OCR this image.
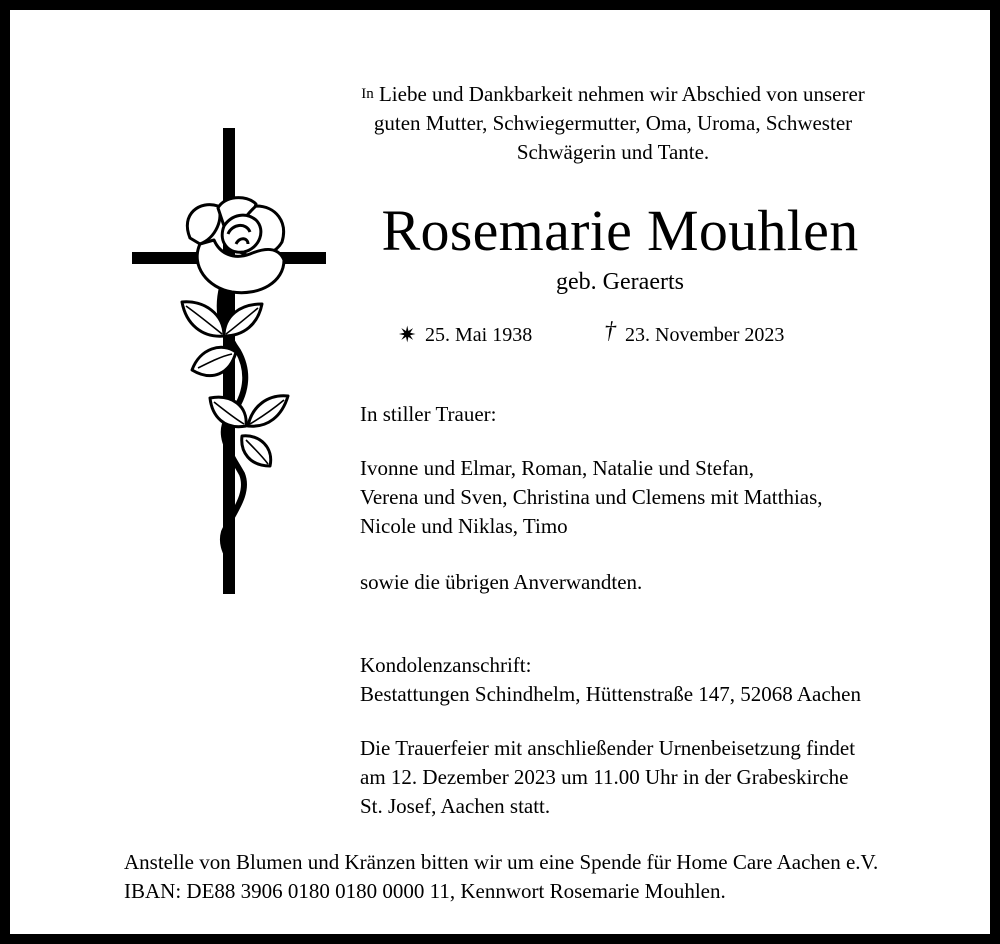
In Liebe und Dankbarkeit nehmen wir Abschied von unserer
guten Mutter, Schwiegermutter, Oma, Uroma, Schwester
Schwägerin und Tante.
Rosemarie Mouhlen
geb. Geraerts
✷ 25. Mai 1938	† 23. November 2023
In stiller Trauer:
Ivonne und Elmar, Roman, Natalie und Stefan,
Verena und Sven, Christina und Clemens mit Matthias,
Nicole und Niklas, Timo
sowie die übrigen Anverwandten.
Kondolenzanschrift:
Bestattungen Schindhelm, Hüttenstraße 147, 52068 Aachen
Die Trauerfeier mit anschließender Urnenbeisetzung findet
am 12. Dezember 2023 um 11.00 Uhr in der Grabeskirche
St. Josef, Aachen statt.
Anstelle von Blumen und Kränzen bitten wir um eine Spende für Home Care Aachen e.V.
IBAN: DE88 3906 0180 0180 0000 11, Kennwort Rosemarie Mouhlen.
